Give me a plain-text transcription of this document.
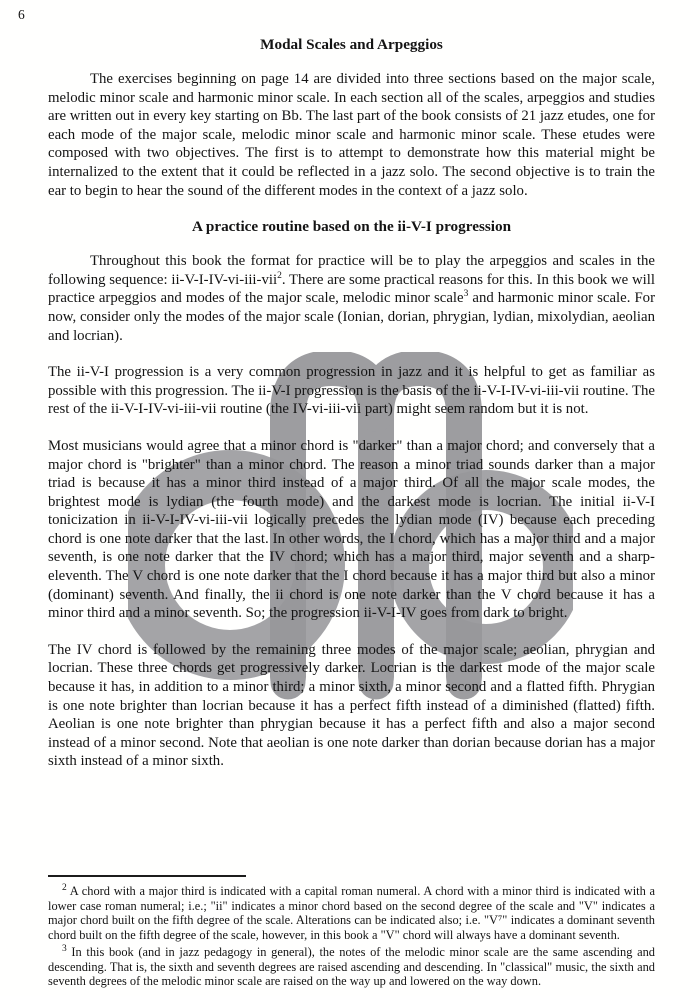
6
Modal Scales and Arpeggios

The exercises beginning on page 14 are divided into three sections based on the major scale, melodic minor scale and harmonic minor scale. In each section all of the scales, arpeggios and studies are written out in every key starting on Bb. The last part of the book consists of 21 jazz etudes, one for each mode of the major scale, melodic minor scale and harmonic minor scale. These etudes were composed with two objectives. The first is to attempt to demonstrate how this material might be internalized to the extent that it could be reflected in a jazz solo. The second objective is to train the ear to begin to hear the sound of the different modes in the context of a jazz solo.

A practice routine based on the ii-V-I progression

Throughout this book the format for practice will be to play the arpeggios and scales in the following sequence: ii-V-I-IV-vi-iii-vii$^2$. There are some practical reasons for this. In this book we will practice arpeggios and modes of the major scale, melodic minor scale$^3$ and harmonic minor scale. For now, consider only the modes of the major scale (Ionian, dorian, phrygian, lydian, mixolydian, aeolian and locrian).

The ii-V-I progression is a very common progression in jazz and it is helpful to get as familiar as possible with this progression. The ii-V-I progression is the basis of the ii-V-I-IV-vi-iii-vii routine. The rest of the ii-V-I-IV-vi-iii-vii routine (the IV-vi-iii-vii part) might seem random but it is not.

Most musicians would agree that a minor chord is "darker" than a major chord; and conversely that a major chord is "brighter" than a minor chord. The reason a minor triad sounds darker than a major triad is because it has a minor third instead of a major third. Of all the major scale modes, the brightest mode is lydian (the fourth mode) and the darkest mode is locrian. The initial ii-V-I tonicization in ii-V-I-IV-vi-iii-vii logically precedes the lydian mode (IV) because each preceding chord is one note darker that the last. In other words, the I chord, which has a major third and a major seventh, is one note darker that the IV chord; which has a major third, major seventh and a sharp-eleventh. The V chord is one note darker that the I chord because it has a major third but also a minor (dominant) seventh. And finally, the ii chord is one note darker than the V chord because it has a minor third and a minor seventh. So; the progression ii-V-I-IV goes from dark to bright.

The IV chord is followed by the remaining three modes of the major scale; aeolian, phrygian and locrian. These three chords get progressively darker. Locrian is the darkest mode of the major scale because it has, in addition to a minor third; a minor sixth, a minor second and a flatted fifth. Phrygian is one note brighter than locrian because it has a perfect fifth instead of a diminished (flatted) fifth. Aeolian is one note brighter than phrygian because it has a perfect fifth and also a major second instead of a minor second. Note that aeolian is one note darker than dorian because dorian has a major sixth instead of a minor sixth.

$^2$ A chord with a major third is indicated with a capital roman numeral. A chord with a minor third is indicated with a lower case roman numeral; i.e.; "ii" indicates a minor chord based on the second degree of the scale and "V" indicates a major chord built on the fifth degree of the scale. Alterations can be indicated also; i.e. "V⁷" indicates a dominant seventh chord built on the fifth degree of the scale, however, in this book a "V" chord will always have a dominant seventh.

$^3$ In this book (and in jazz pedagogy in general), the notes of the melodic minor scale are the same ascending and descending. That is, the sixth and seventh degrees are raised ascending and descending. In "classical" music, the sixth and seventh degrees of the melodic minor scale are raised on the way up and lowered on the way down.
